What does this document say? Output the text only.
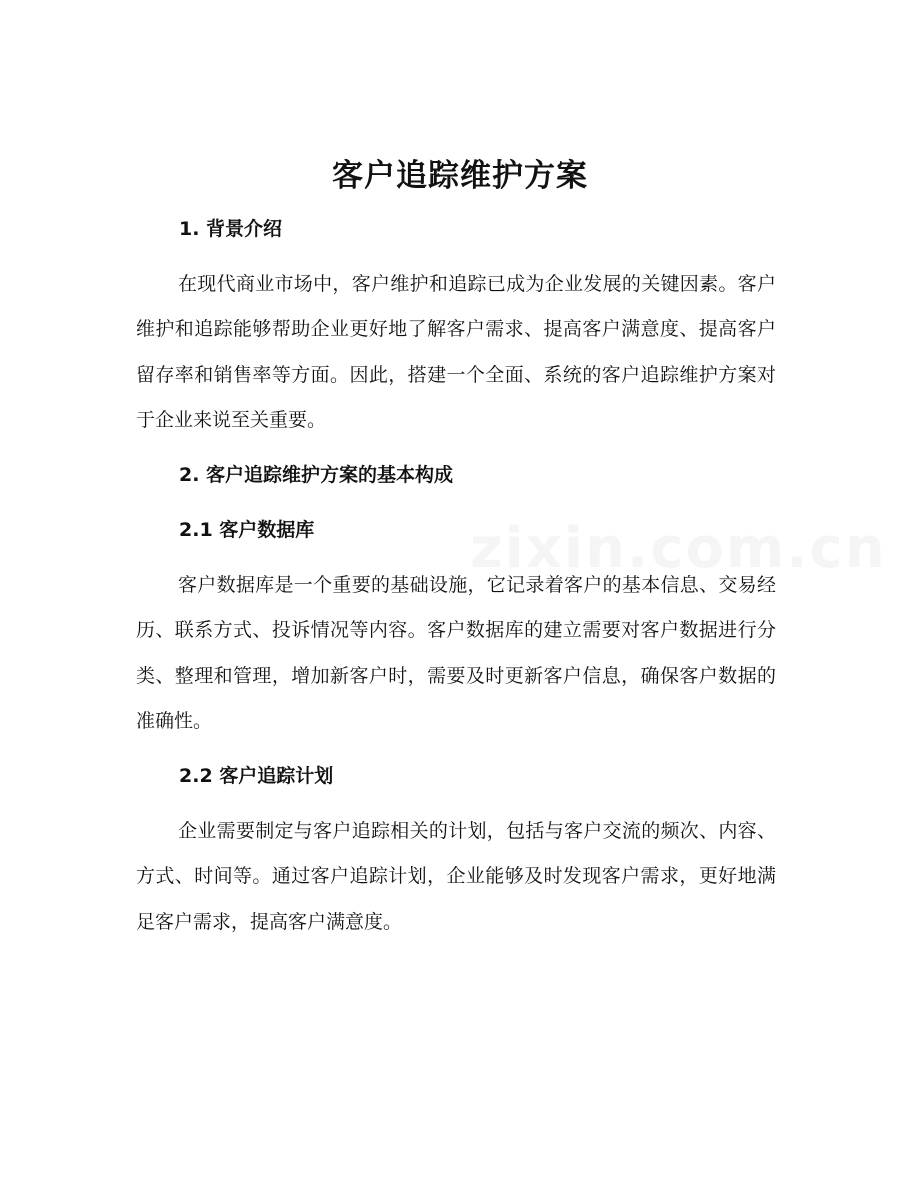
客户追踪维护方案
1. 背景介绍

在现代商业市场中，客户维护和追踪已成为企业发展的关键因素。客户维护和追踪能够帮助企业更好地了解客户需求、提高客户满意度、提高客户留存率和销售率等方面。因此，搭建一个全面、系统的客户追踪维护方案对于企业来说至关重要。

2. 客户追踪维护方案的基本构成
2.1 客户数据库

客户数据库是一个重要的基础设施，它记录着客户的基本信息、交易经历、联系方式、投诉情况等内容。客户数据库的建立需要对客户数据进行分类、整理和管理，增加新客户时，需要及时更新客户信息，确保客户数据的准确性。

2.2 客户追踪计划

企业需要制定与客户追踪相关的计划，包括与客户交流的频次、内容、方式、时间等。通过客户追踪计划，企业能够及时发现客户需求，更好地满足客户需求，提高客户满意度。

zixin.com.cn
